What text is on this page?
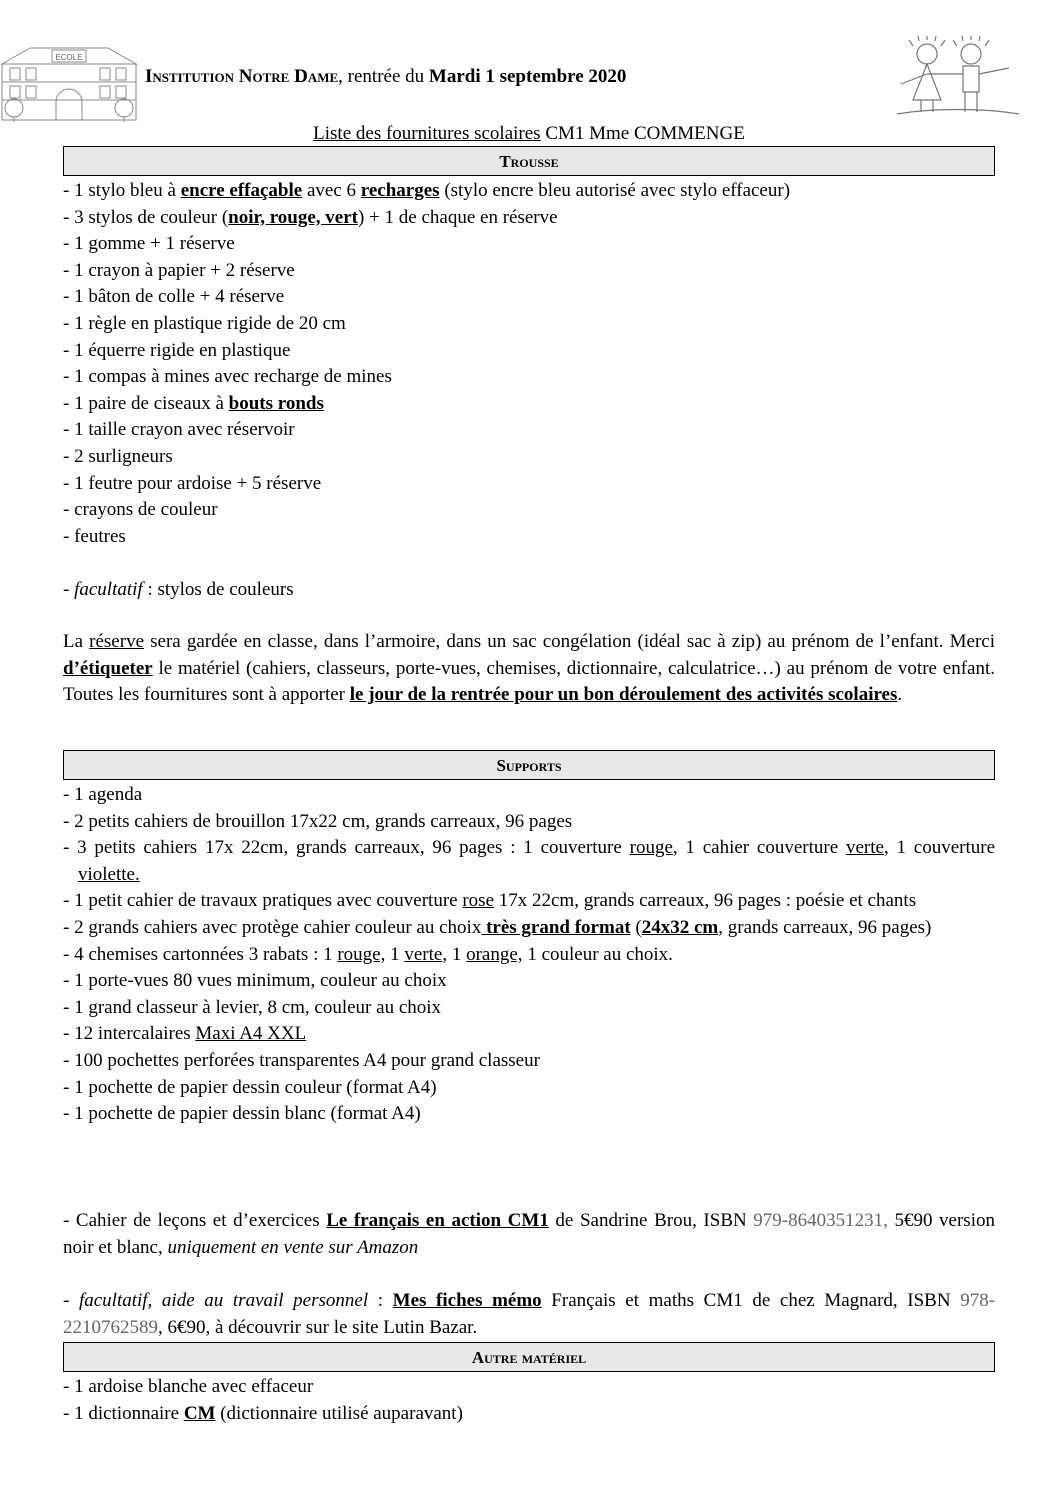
ECOLE
Institution Notre Dame, rentrée du Mardi 1 septembre 2020
Liste des fournitures scolaires CM1 Mme COMMENGE
Trousse
- 1 stylo bleu à encre effaçable avec 6 recharges (stylo encre bleu autorisé avec stylo effaceur)
- 3 stylos de couleur (noir, rouge, vert) + 1 de chaque en réserve
- 1 gomme + 1 réserve
- 1 crayon à papier + 2 réserve
- 1 bâton de colle + 4 réserve
- 1 règle en plastique rigide de 20 cm
- 1 équerre rigide en plastique
- 1 compas à mines avec recharge de mines
- 1 paire de ciseaux à bouts ronds
- 1 taille crayon avec réservoir
- 2 surligneurs
- 1 feutre pour ardoise + 5 réserve
- crayons de couleur
- feutres
- facultatif : stylos de couleurs
La réserve sera gardée en classe, dans l’armoire, dans un sac congélation (idéal sac à zip) au prénom de l’enfant. Merci d’étiqueter le matériel (cahiers, classeurs, porte-vues, chemises, dictionnaire, calculatrice…) au prénom de votre enfant. Toutes les fournitures sont à apporter le jour de la rentrée pour un bon déroulement des activités scolaires.
Supports
- 1 agenda
- 2 petits cahiers de brouillon 17x22 cm, grands carreaux, 96 pages
- 3 petits cahiers 17x 22cm, grands carreaux, 96 pages : 1 couverture rouge, 1 cahier couverture verte, 1 couverture violette.
- 1 petit cahier de travaux pratiques avec couverture rose 17x 22cm, grands carreaux, 96 pages : poésie et chants
- 2 grands cahiers avec protège cahier couleur au choix très grand format (24x32 cm, grands carreaux, 96 pages)
- 4 chemises cartonnées 3 rabats : 1 rouge, 1 verte, 1 orange, 1 couleur au choix.
- 1 porte-vues 80 vues minimum, couleur au choix
- 1 grand classeur à levier, 8 cm, couleur au choix
- 12 intercalaires Maxi A4 XXL
- 100 pochettes perforées transparentes A4 pour grand classeur
- 1 pochette de papier dessin couleur (format A4)
- 1 pochette de papier dessin blanc (format A4)
- Cahier de leçons et d’exercices Le français en action CM1 de Sandrine Brou, ISBN 979-8640351231, 5€90 version noir et blanc, uniquement en vente sur Amazon
- facultatif, aide au travail personnel : Mes fiches mémo Français et maths CM1 de chez Magnard, ISBN 978-2210762589, 6€90, à découvrir sur le site Lutin Bazar.
Autre matériel
- 1 ardoise blanche avec effaceur
- 1 dictionnaire CM (dictionnaire utilisé auparavant)
